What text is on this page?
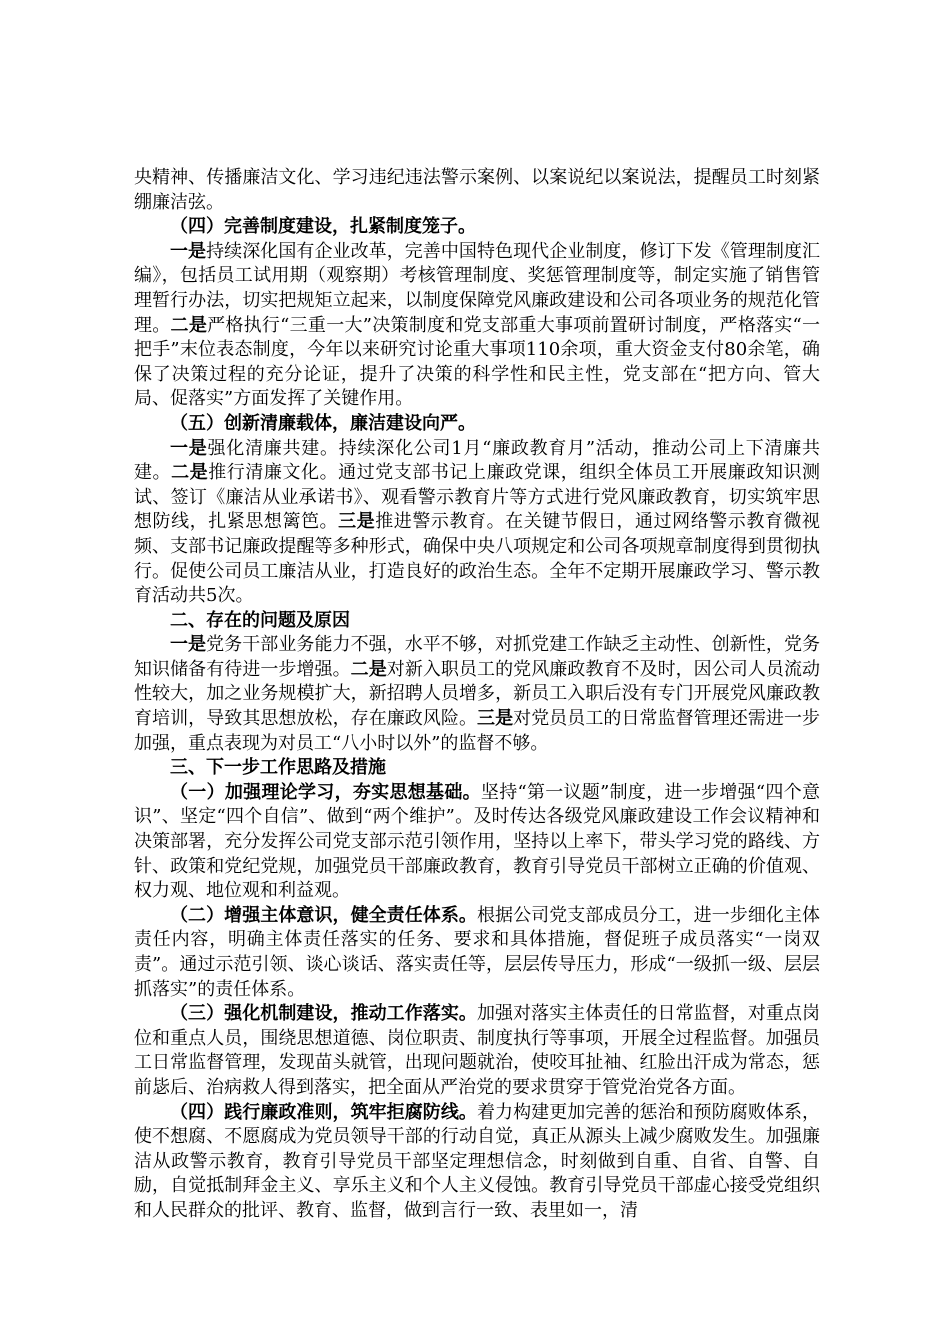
央精神、传播廉洁文化、学习违纪违法警示案例、以案说纪以案说法，提醒员工时刻紧绷廉洁弦。

（四）完善制度建设，扎紧制度笼子。

一是持续深化国有企业改革，完善中国特色现代企业制度，修订下发《管理制度汇编》，包括员工试用期（观察期）考核管理制度、奖惩管理制度等，制定实施了销售管理暂行办法，切实把规矩立起来，以制度保障党风廉政建设和公司各项业务的规范化管理。二是严格执行“三重一大”决策制度和党支部重大事项前置研讨制度，严格落实“一把手”末位表态制度，今年以来研究讨论重大事项110余项，重大资金支付80余笔，确保了决策过程的充分论证，提升了决策的科学性和民主性，党支部在“把方向、管大局、促落实”方面发挥了关键作用。

（五）创新清廉载体，廉洁建设向严。

一是强化清廉共建。持续深化公司1月“廉政教育月”活动，推动公司上下清廉共建。二是推行清廉文化。通过党支部书记上廉政党课，组织全体员工开展廉政知识测试、签订《廉洁从业承诺书》、观看警示教育片等方式进行党风廉政教育，切实筑牢思想防线，扎紧思想篱笆。三是推进警示教育。在关键节假日，通过网络警示教育微视频、支部书记廉政提醒等多种形式，确保中央八项规定和公司各项规章制度得到贯彻执行。促使公司员工廉洁从业，打造良好的政治生态。全年不定期开展廉政学习、警示教育活动共5次。

二、存在的问题及原因

一是党务干部业务能力不强，水平不够，对抓党建工作缺乏主动性、创新性，党务知识储备有待进一步增强。二是对新入职员工的党风廉政教育不及时，因公司人员流动性较大，加之业务规模扩大，新招聘人员增多，新员工入职后没有专门开展党风廉政教育培训，导致其思想放松，存在廉政风险。三是对党员员工的日常监督管理还需进一步加强，重点表现为对员工“八小时以外”的监督不够。

三、下一步工作思路及措施

（一）加强理论学习，夯实思想基础。坚持“第一议题”制度，进一步增强“四个意识”、坚定“四个自信”、做到“两个维护”。及时传达各级党风廉政建设工作会议精神和决策部署，充分发挥公司党支部示范引领作用，坚持以上率下，带头学习党的路线、方针、政策和党纪党规，加强党员干部廉政教育，教育引导党员干部树立正确的价值观、权力观、地位观和利益观。

（二）增强主体意识，健全责任体系。根据公司党支部成员分工，进一步细化主体责任内容，明确主体责任落实的任务、要求和具体措施，督促班子成员落实“一岗双责”。通过示范引领、谈心谈话、落实责任等，层层传导压力，形成“一级抓一级、层层抓落实”的责任体系。

（三）强化机制建设，推动工作落实。加强对落实主体责任的日常监督，对重点岗位和重点人员，围绕思想道德、岗位职责、制度执行等事项，开展全过程监督。加强员工日常监督管理，发现苗头就管，出现问题就治，使咬耳扯袖、红脸出汗成为常态，惩前毖后、治病救人得到落实，把全面从严治党的要求贯穿于管党治党各方面。

（四）践行廉政准则，筑牢拒腐防线。着力构建更加完善的惩治和预防腐败体系，使不想腐、不愿腐成为党员领导干部的行动自觉，真正从源头上减少腐败发生。加强廉洁从政警示教育，教育引导党员干部坚定理想信念，时刻做到自重、自省、自警、自励，自觉抵制拜金主义、享乐主义和个人主义侵蚀。教育引导党员干部虚心接受党组织和人民群众的批评、教育、监督，做到言行一致、表里如一，清
